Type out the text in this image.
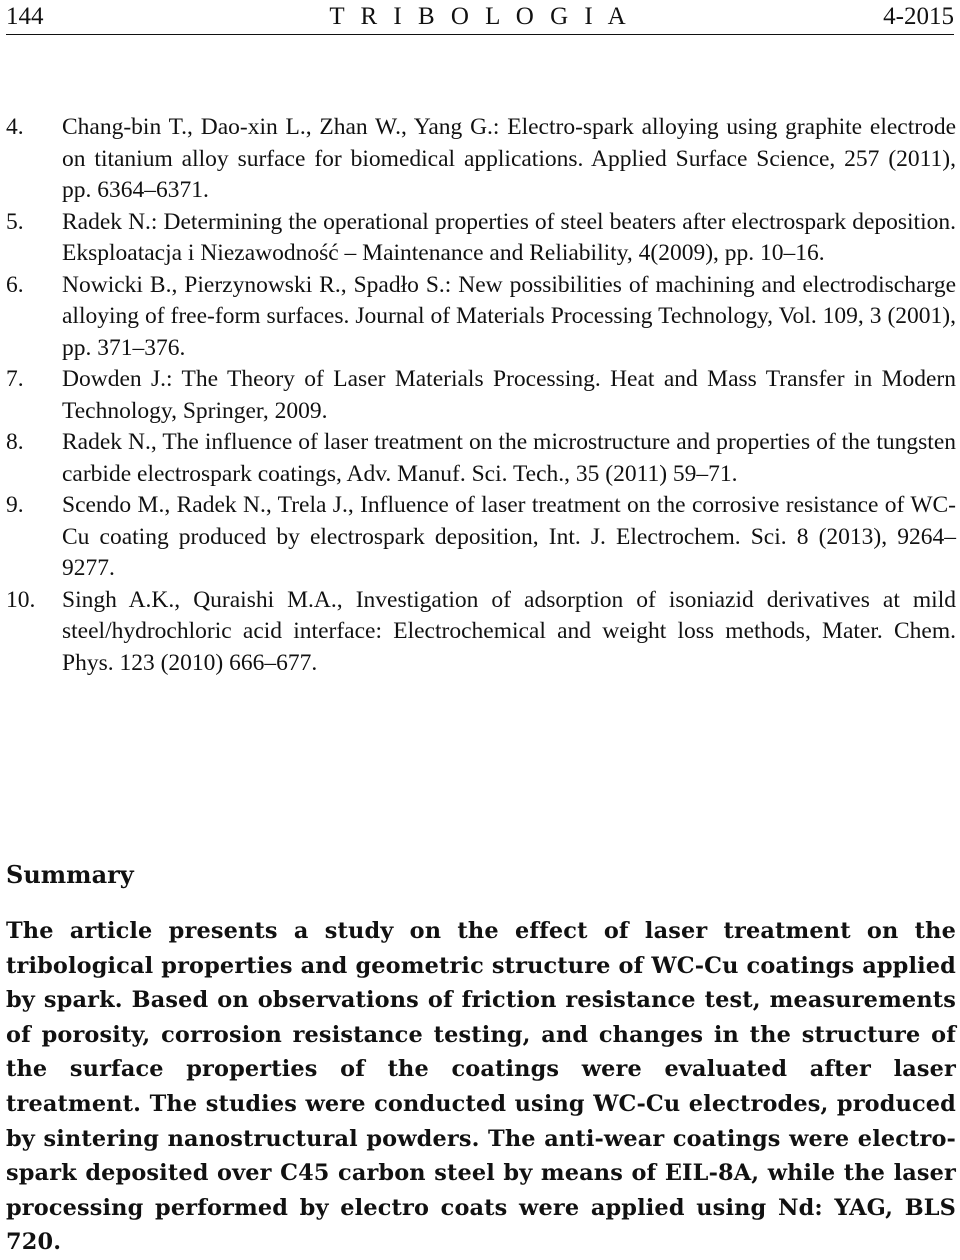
144	T R I B O L O G I A	4-2015
4.	Chang-bin T., Dao-xin L., Zhan W., Yang G.: Electro-spark alloying using graphite electrode on titanium alloy surface for biomedical applications. Applied Surface Science, 257 (2011), pp. 6364–6371.
5.	Radek N.: Determining the operational properties of steel beaters after electrospark deposition. Eksploatacja i Niezawodność – Maintenance and Reliability, 4(2009), pp. 10–16.
6.	Nowicki B., Pierzynowski R., Spadło S.: New possibilities of machining and electrodischarge alloying of free-form surfaces. Journal of Materials Processing Technology, Vol. 109, 3 (2001), pp. 371–376.
7.	Dowden J.: The Theory of Laser Materials Processing. Heat and Mass Transfer in Modern Technology, Springer, 2009.
8.	Radek N., The influence of laser treatment on the microstructure and properties of the tungsten carbide electrospark coatings, Adv. Manuf. Sci. Tech., 35 (2011) 59–71.
9.	Scendo M., Radek N., Trela J., Influence of laser treatment on the corrosive resistance of WC-Cu coating produced by electrospark deposition, Int. J. Electrochem. Sci. 8 (2013), 9264–9277.
10.	Singh A.K., Quraishi M.A., Investigation of adsorption of isoniazid derivatives at mild steel/hydrochloric acid interface: Electrochemical and weight loss methods, Mater. Chem. Phys. 123 (2010) 666–677.
Summary

The article presents a study on the effect of laser treatment on the tribological properties and geometric structure of WC-Cu coatings applied by spark. Based on observations of friction resistance test, measurements of porosity, corrosion resistance testing, and changes in the structure of the surface properties of the coatings were evaluated after laser treatment. The studies were conducted using WC-Cu electrodes, produced by sintering nanostructural powders. The anti-wear coatings were electro-spark deposited over C45 carbon steel by means of EIL-8A, while the laser processing performed by electro coats were applied using Nd: YAG, BLS 720.
